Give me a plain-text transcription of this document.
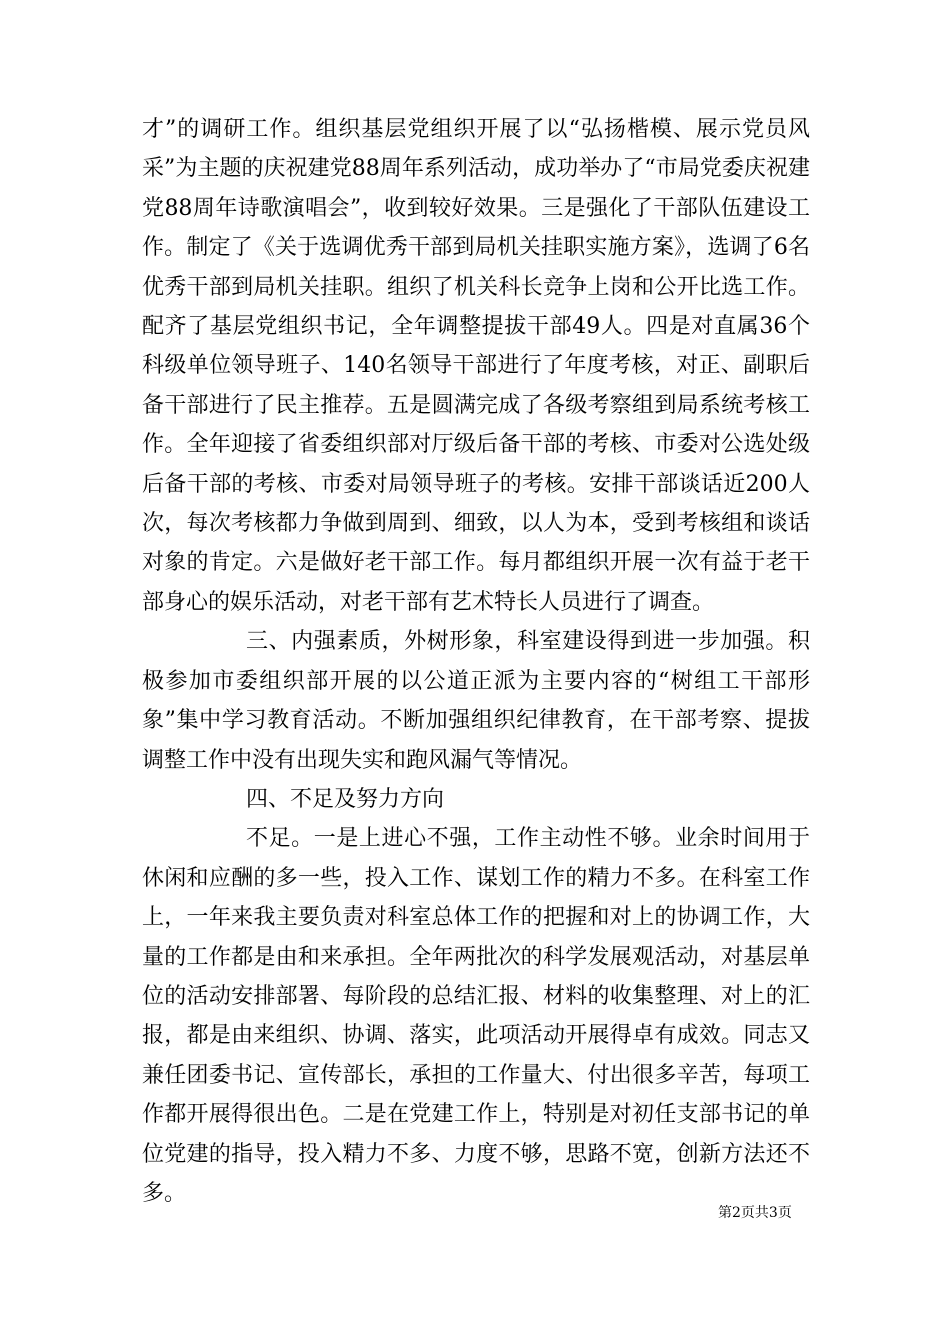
才”的调研工作。组织基层党组织开展了以“弘扬楷模、展示党员风采”为主题的庆祝建党88周年系列活动，成功举办了“市局党委庆祝建党88周年诗歌演唱会”，收到较好效果。三是强化了干部队伍建设工作。制定了《关于选调优秀干部到局机关挂职实施方案》，选调了6名优秀干部到局机关挂职。组织了机关科长竞争上岗和公开比选工作。配齐了基层党组织书记，全年调整提拔干部49人。四是对直属36个科级单位领导班子、140名领导干部进行了年度考核，对正、副职后备干部进行了民主推荐。五是圆满完成了各级考察组到局系统考核工作。全年迎接了省委组织部对厅级后备干部的考核、市委对公选处级后备干部的考核、市委对局领导班子的考核。安排干部谈话近200人次，每次考核都力争做到周到、细致，以人为本，受到考核组和谈话对象的肯定。六是做好老干部工作。每月都组织开展一次有益于老干部身心的娱乐活动，对老干部有艺术特长人员进行了调查。

三、内强素质，外树形象，科室建设得到进一步加强。积极参加市委组织部开展的以公道正派为主要内容的“树组工干部形象”集中学习教育活动。不断加强组织纪律教育，在干部考察、提拔调整工作中没有出现失实和跑风漏气等情况。

四、不足及努力方向

不足。一是上进心不强，工作主动性不够。业余时间用于休闲和应酬的多一些，投入工作、谋划工作的精力不多。在科室工作上，一年来我主要负责对科室总体工作的把握和对上的协调工作，大量的工作都是由和来承担。全年两批次的科学发展观活动，对基层单位的活动安排部署、每阶段的总结汇报、材料的收集整理、对上的汇报，都是由来组织、协调、落实，此项活动开展得卓有成效。同志又兼任团委书记、宣传部长，承担的工作量大、付出很多辛苦，每项工作都开展得很出色。二是在党建工作上，特别是对初任支部书记的单位党建的指导，投入精力不多、力度不够，思路不宽，创新方法还不多。

第2页共3页
